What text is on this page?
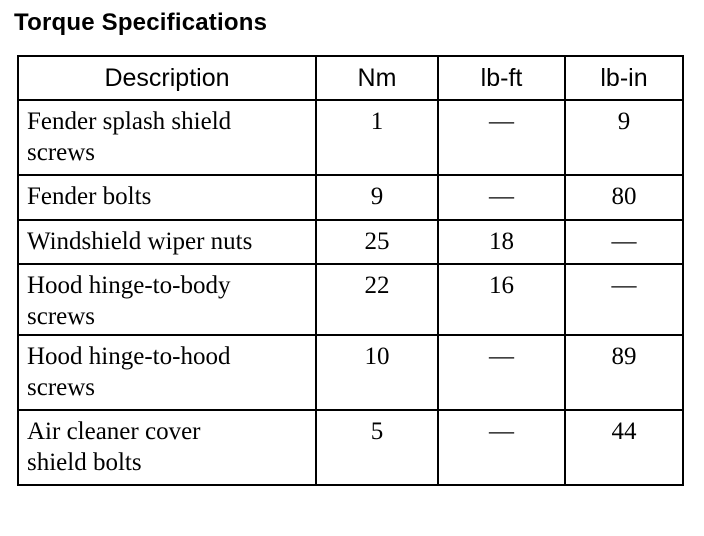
Torque Specifications
Description	Nm	lb-ft	lb-in

Fender splash shield
screws	1	—	9

Fender bolts	9	—	80

Windshield wiper nuts	25	18	—

Hood hinge-to-body
screws	22	16	—

Hood hinge-to-hood
screws	10	—	89

Air cleaner cover
shield bolts	5	—	44
